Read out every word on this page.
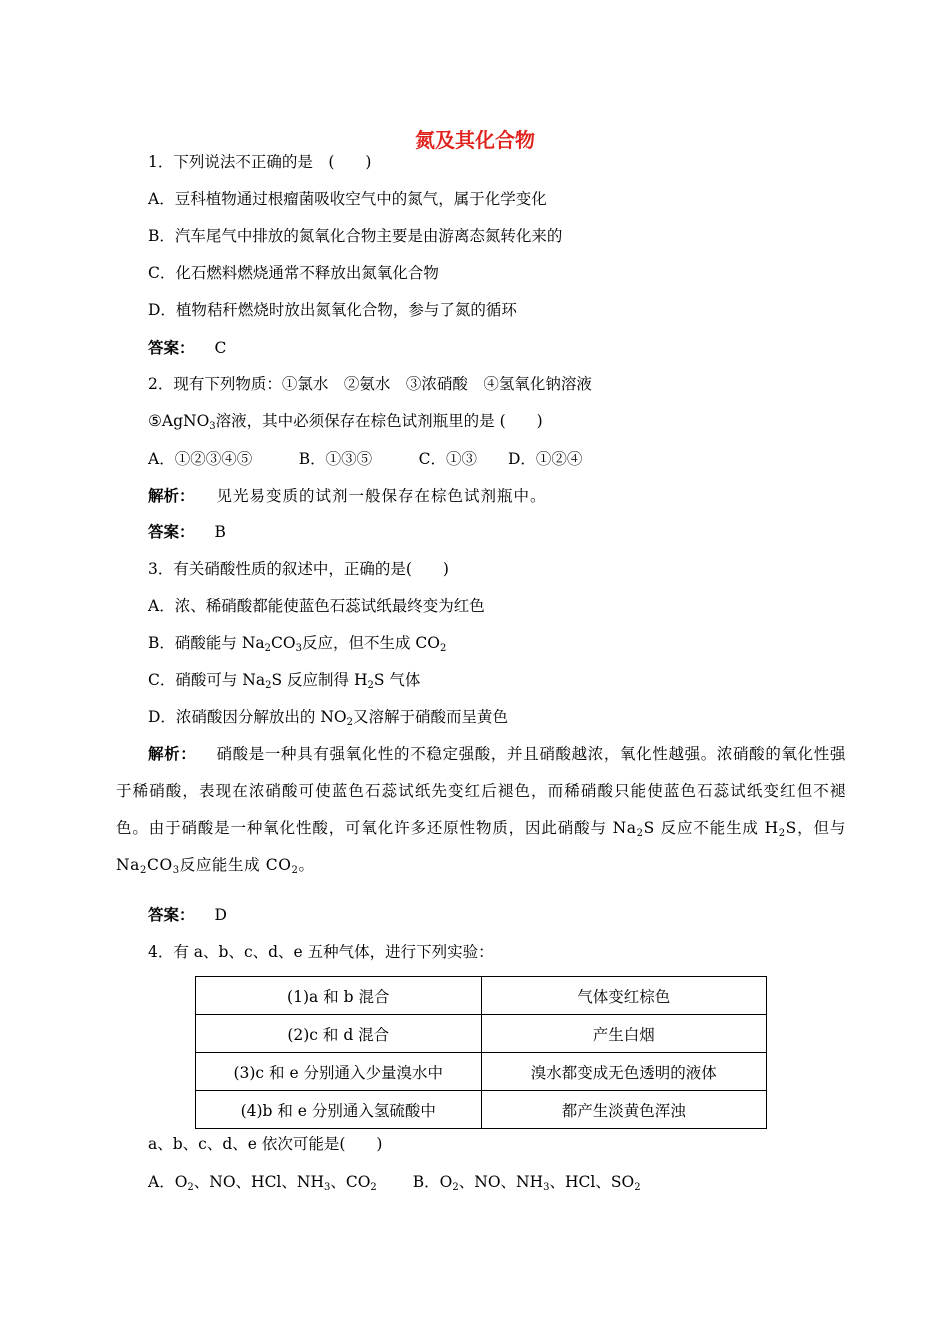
氮及其化合物
1．下列说法不正确的是　(　　)
A．豆科植物通过根瘤菌吸收空气中的氮气，属于化学变化
B．汽车尾气中排放的氮氧化合物主要是由游离态氮转化来的
C．化石燃料燃烧通常不释放出氮氧化合物
D．植物秸秆燃烧时放出氮氧化合物，参与了氮的循环
答案： C
2．现有下列物质：①氯水　②氨水　③浓硝酸　④氢氧化钠溶液
⑤AgNO$_3$溶液，其中必须保存在棕色试剂瓶里的是 (　　)
A．①②③④⑤　　　B．①③⑤　　　C．①③　　D．①②④
解析： 见光易变质的试剂一般保存在棕色试剂瓶中。
答案： B
3．有关硝酸性质的叙述中，正确的是(　　)
A．浓、稀硝酸都能使蓝色石蕊试纸最终变为红色
B．硝酸能与 $Na_2CO_3$反应，但不生成 $CO_2$
C．硝酸可与 $Na_2S$ 反应制得 $H_2S$ 气体
D．浓硝酸因分解放出的 $NO_2$又溶解于硝酸而呈黄色
解析： 硝酸是一种具有强氧化性的不稳定强酸，并且硝酸越浓，氧化性越强。浓硝酸的氧化性强于稀硝酸，表现在浓硝酸可使蓝色石蕊试纸先变红后褪色，而稀硝酸只能使蓝色石蕊试纸变红但不褪色。由于硝酸是一种氧化性酸，可氧化许多还原性物质，因此硝酸与 $Na_2S$ 反应不能生成 $H_2S$，但与 $Na_2CO_3$反应能生成 $CO_2$。
答案： D
4．有 a、b、c、d、e 五种气体，进行下列实验：
(1)a 和 b 混合	气体变红棕色
(2)c 和 d 混合	产生白烟
(3)c 和 e 分别通入少量溴水中	溴水都变成无色透明的液体
(4)b 和 e 分别通入氢硫酸中	都产生淡黄色浑浊
a、b、c、d、e 依次可能是(　　)
A．$O_2$、NO、HCl、$NH_3$、$CO_2$ B．$O_2$、NO、$NH_3$、HCl、$SO_2$
